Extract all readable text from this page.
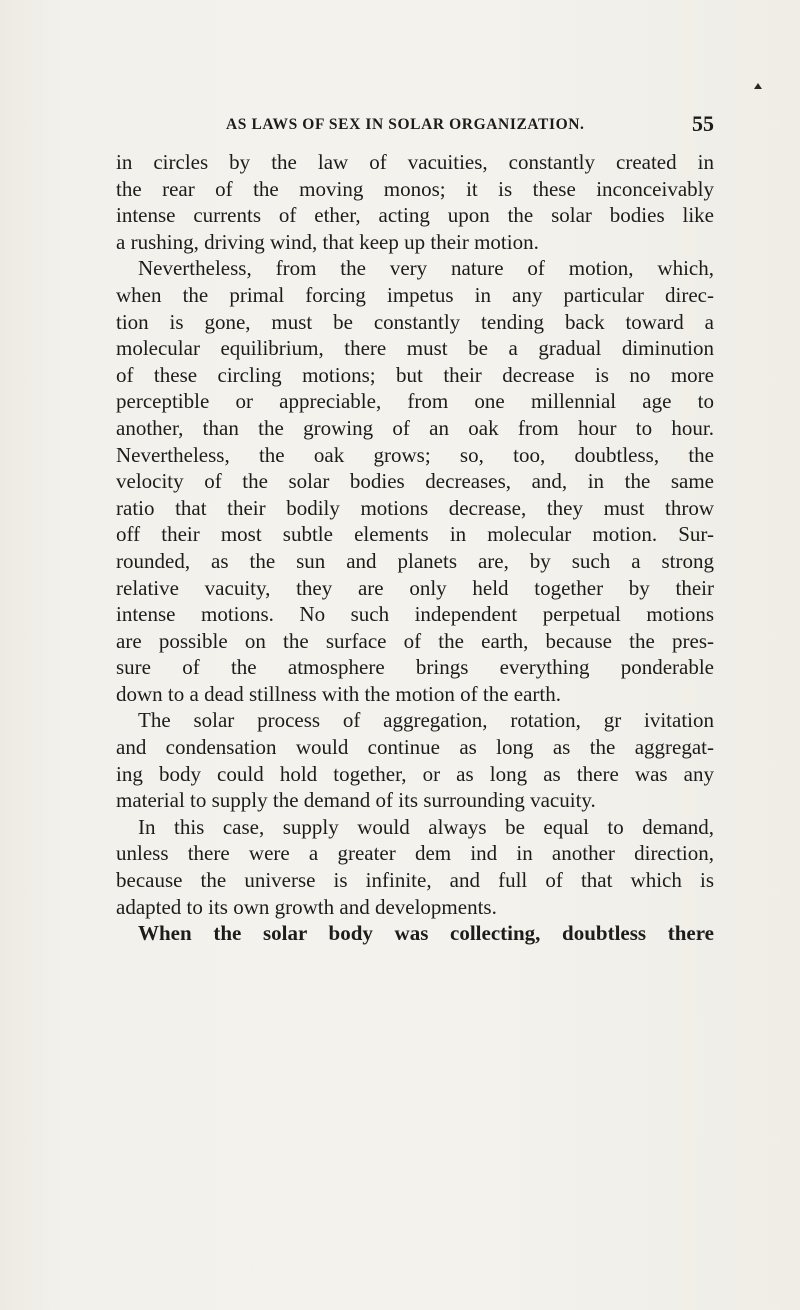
AS LAWS OF SEX IN SOLAR ORGANIZATION.	55
in circles by the law of vacuities, constantly created in
the rear of the moving monos; it is these inconceivably
intense currents of ether, acting upon the solar bodies like
a rushing, driving wind, that keep up their motion.
Nevertheless, from the very nature of motion, which,
when the primal forcing impetus in any particular direc-
tion is gone, must be constantly tending back toward a
molecular equilibrium, there must be a gradual diminution
of these circling motions; but their decrease is no more
perceptible or appreciable, from one millennial age to
another, than the growing of an oak from hour to hour.
Nevertheless, the oak grows; so, too, doubtless, the
velocity of the solar bodies decreases, and, in the same
ratio that their bodily motions decrease, they must throw
off their most subtle elements in molecular motion. Sur-
rounded, as the sun and planets are, by such a strong
relative vacuity, they are only held together by their
intense motions. No such independent perpetual motions
are possible on the surface of the earth, because the pres-
sure of the atmosphere brings everything ponderable
down to a dead stillness with the motion of the earth.
The solar process of aggregation, rotation, gr ivitation
and condensation would continue as long as the aggregat-
ing body could hold together, or as long as there was any
material to supply the demand of its surrounding vacuity.
In this case, supply would always be equal to demand,
unless there were a greater dem ind in another direction,
because the universe is infinite, and full of that which is
adapted to its own growth and developments.
When the solar body was collecting, doubtless there
